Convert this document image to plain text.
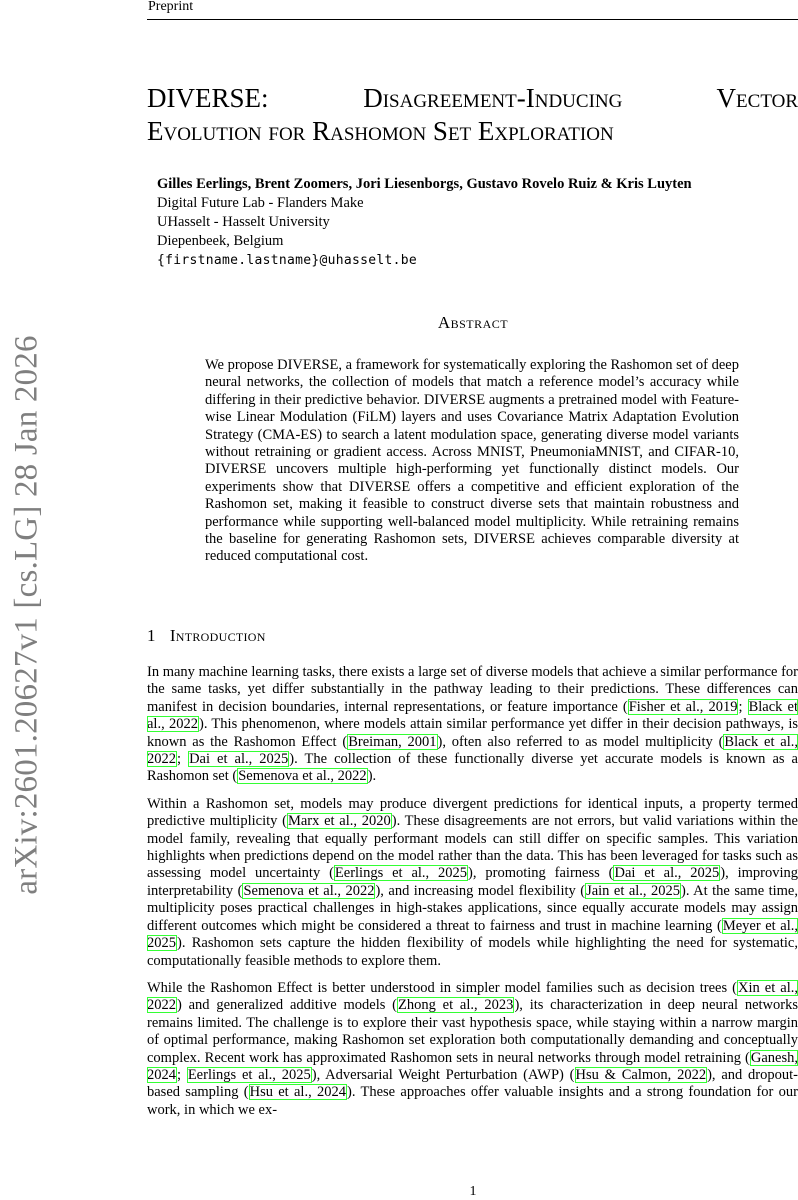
Preprint
arXiv:2601.20627v1 [cs.LG] 28 Jan 2026
DIVERSE: Disagreement-Inducing Vector
Evolution for Rashomon Set Exploration
Gilles Eerlings, Brent Zoomers, Jori Liesenborgs, Gustavo Rovelo Ruiz & Kris Luyten
Digital Future Lab - Flanders Make
UHasselt - Hasselt University
Diepenbeek, Belgium
{firstname.lastname}@uhasselt.be
Abstract
We propose DIVERSE, a framework for systematically exploring the Rashomon set of deep neural networks, the collection of models that match a reference model’s accuracy while differing in their predictive behavior. DIVERSE augments a pretrained model with Feature-wise Linear Modulation (FiLM) layers and uses Covariance Matrix Adaptation Evolution Strategy (CMA-ES) to search a latent modulation space, generating diverse model variants without retraining or gradient access. Across MNIST, PneumoniaMNIST, and CIFAR-10, DIVERSE uncovers multiple high-performing yet functionally distinct models. Our experiments show that DIVERSE offers a competitive and efficient exploration of the Rashomon set, making it feasible to construct diverse sets that maintain robustness and performance while supporting well-balanced model multiplicity. While retraining remains the baseline for generating Rashomon sets, DIVERSE achieves comparable diversity at reduced computational cost.
1 Introduction

In many machine learning tasks, there exists a large set of diverse models that achieve a similar performance for the same tasks, yet differ substantially in the pathway leading to their predictions. These differences can manifest in decision boundaries, internal representations, or feature importance (Fisher et al., 2019; Black et al., 2022). This phenomenon, where models attain similar performance yet differ in their decision pathways, is known as the Rashomon Effect (Breiman, 2001), often also referred to as model multiplicity (Black et al., 2022; Dai et al., 2025). The collection of these functionally diverse yet accurate models is known as a Rashomon set (Semenova et al., 2022).

Within a Rashomon set, models may produce divergent predictions for identical inputs, a property termed predictive multiplicity (Marx et al., 2020). These disagreements are not errors, but valid variations within the model family, revealing that equally performant models can still differ on specific samples. This variation highlights when predictions depend on the model rather than the data. This has been leveraged for tasks such as assessing model uncertainty (Eerlings et al., 2025), promoting fairness (Dai et al., 2025), improving interpretability (Semenova et al., 2022), and increasing model flexibility (Jain et al., 2025). At the same time, multiplicity poses practical challenges in high-stakes applications, since equally accurate models may assign different outcomes which might be considered a threat to fairness and trust in machine learning (Meyer et al., 2025). Rashomon sets capture the hidden flexibility of models while highlighting the need for systematic, computationally feasible methods to explore them.

While the Rashomon Effect is better understood in simpler model families such as decision trees (Xin et al., 2022) and generalized additive models (Zhong et al., 2023), its characterization in deep neural networks remains limited. The challenge is to explore their vast hypothesis space, while staying within a narrow margin of optimal performance, making Rashomon set exploration both computationally demanding and conceptually complex. Recent work has approximated Rashomon sets in neural networks through model retraining (Ganesh, 2024; Eerlings et al., 2025), Adversarial Weight Perturbation (AWP) (Hsu & Calmon, 2022), and dropout-based sampling (Hsu et al., 2024). These approaches offer valuable insights and a strong foundation for our work, in which we ex-

1
